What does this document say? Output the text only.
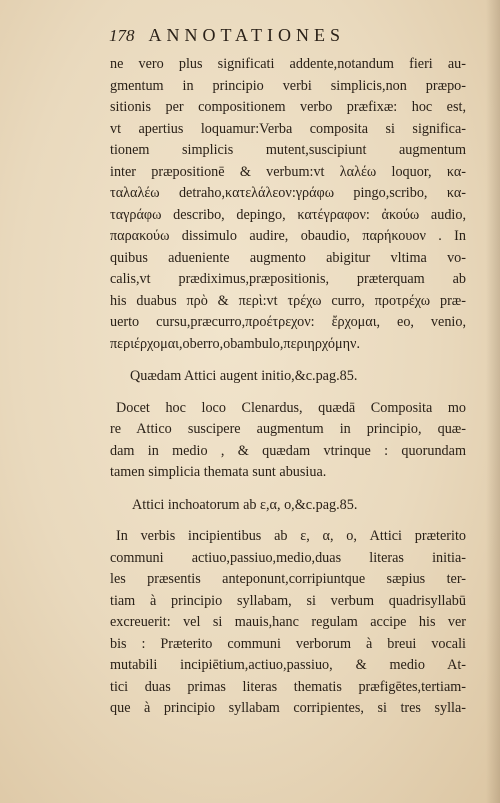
178 ANNOTATIONES
ne vero plus significati addente,notandum fieri au-
gmentum in principio verbi simplicis,non præpo-
sitionis per compositionem verbo præfixæ: hoc est,
vt apertius loquamur:Verba composita si significa-
tionem simplicis mutent,suscipiunt augmentum
inter præpositionē & verbum:vt λαλέω loquor, κα-
ταλαλέω detraho,κατελάλεον:γράφω pingo,scribo, κα-
ταγράφω describo, depingo, κατέγραφον: ἀκούω audio,
παρακούω dissimulo audire, obaudio, παρήκουον . In
quibus aduenientе augmento abigitur vltima vo-
calis,vt prædiximus,præpositionis, præterquam ab
his duabus πρὸ & περὶ:vt τρέχω curro, προτρέχω præ-
uerto cursu,præcurro,προέτρεχον: ἔρχομαι, eo, venio,
περιέρχομαι,oberro,obambulo,περιηρχόμην.
Quædam Attici augent initio,&c.pag.85.
Docet hoc loco Clenardus, quædā Composita mo
re Attico suscipere augmentum in principio, quæ-
dam in medio , & quædam vtrinque : quorundam
tamen simplicia themata sunt abusiua.
Attici inchoatorum ab ε,α, ο,&c.pag.85.
In verbis incipientibus ab ε, α, ο, Attici præterito
communi actiuo,passiuo,medio,duas literas initia-
les præsentis anteponunt,corripiuntque sæpius ter-
tiam à principio syllabam, si verbum quadrisyllabū
excreuerit: vel si mauis,hanc regulam accipe his ver
bis : Præterito communi verborum à breui vocali
mutabili incipiētium,actiuo,passiuo, & medio At-
tici duas primas literas thematis præfigētes,tertiam-
que à principio syllabam corripientes, si tres sylla-
